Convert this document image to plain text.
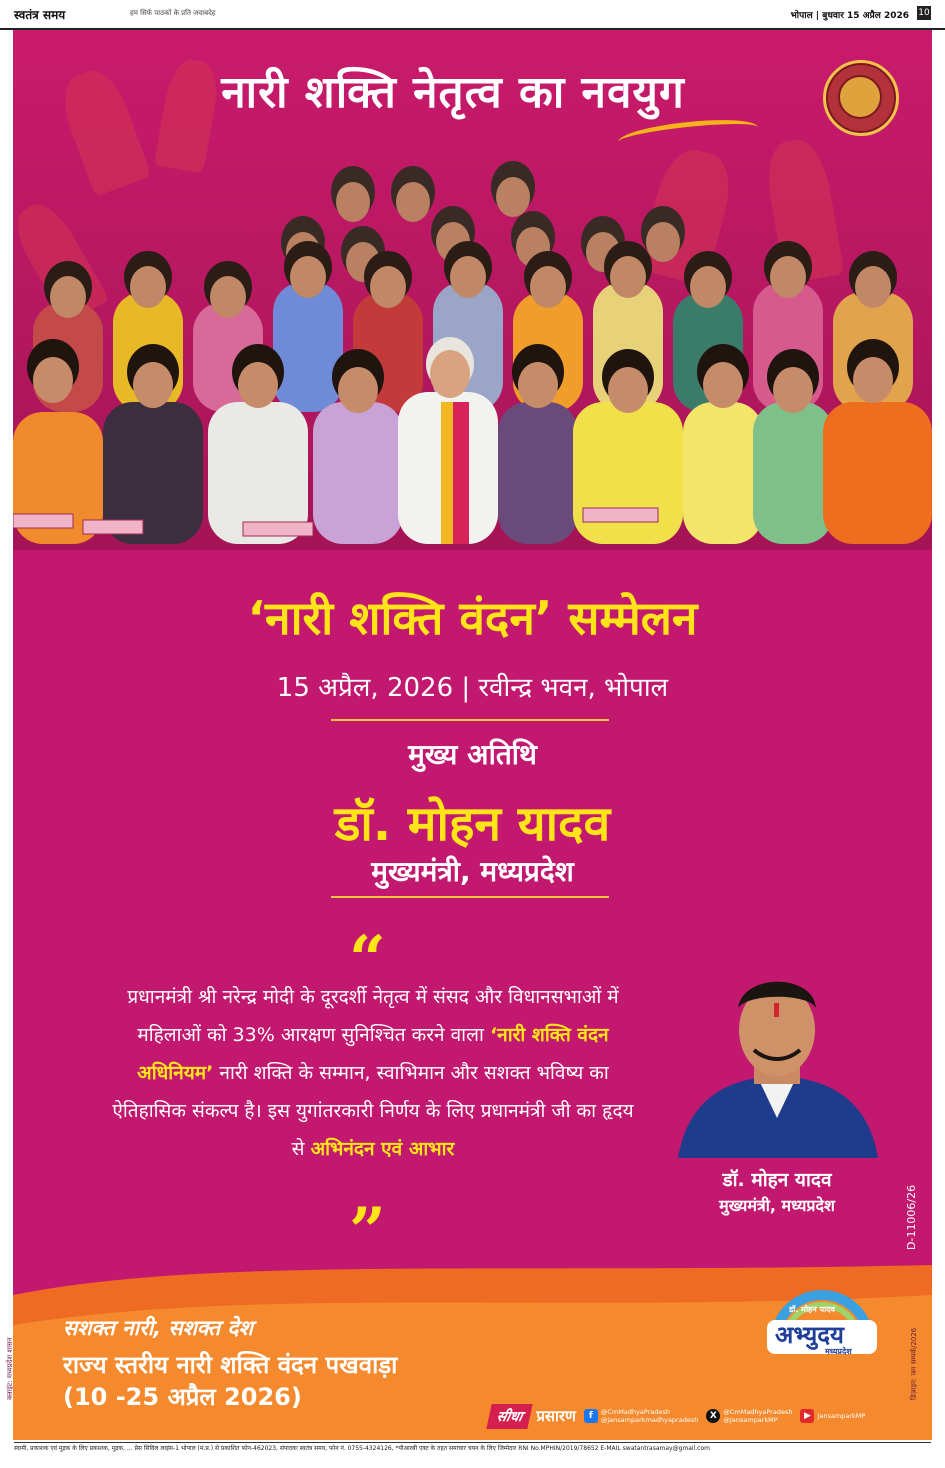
स्वतंत्र समय	हम सिर्फ पाठकों के प्रति जवाबदेह	भोपाल | बुधवार 15 अप्रैल 2026 10
नारी शक्ति नेतृत्व का नवयुग
‘नारी शक्ति वंदन’ सम्मेलन
15 अप्रैल, 2026 | रवीन्द्र भवन, भोपाल
मुख्य अतिथि
डॉ. मोहन यादव
मुख्यमंत्री, मध्यप्रदेश
“
प्रधानमंत्री श्री नरेन्द्र मोदी के दूरदर्शी नेतृत्व में संसद और विधानसभाओं में महिलाओं को 33% आरक्षण सुनिश्चित करने वाला ‘नारी शक्ति वंदन अधिनियम’ नारी शक्ति के सम्मान, स्वाभिमान और सशक्त भविष्य का ऐतिहासिक संकल्प है। इस युगांतरकारी निर्णय के लिए प्रधानमंत्री जी का हृदय से अभिनंदन एवं आभार
”
डॉ. मोहन यादव
मुख्यमंत्री, मध्यप्रदेश	D-11006/26
सशक्त नारी, सशक्त देश
राज्य स्तरीय नारी शक्ति वंदन पखवाड़ा
(10 -25 अप्रैल 2026)
डॉ. मोहन यादव
अभ्युदय
मध्यप्रदेश
सीधा प्रसारण	f	@CmMadhyaPradesh
@jansamparkmadhyapradesh	X	@CmMadhyaPradesh
@JansamparkMP	▶	JansamparkMP
क्लाइंट: मध्यप्रदेश शासन	डिज़ाइन: जन सम्पर्क/2026
स्वामी, प्रकाशक एवं मुद्रक के लिए प्रकाशक, मुद्रक, ... प्रेस सिविल लाइंस-1 भोपाल (म.प्र.) से प्रकाशित फोन-462023, संपादकः स्वतंत्र समय, फोन नं. 0755-4324126, *पीआरबी एक्ट के तहत समाचार चयन के लिए जिम्मेदार RNI No.MPHIN/2019/78652 E-MAIL swatantrasamay@gmail.com
